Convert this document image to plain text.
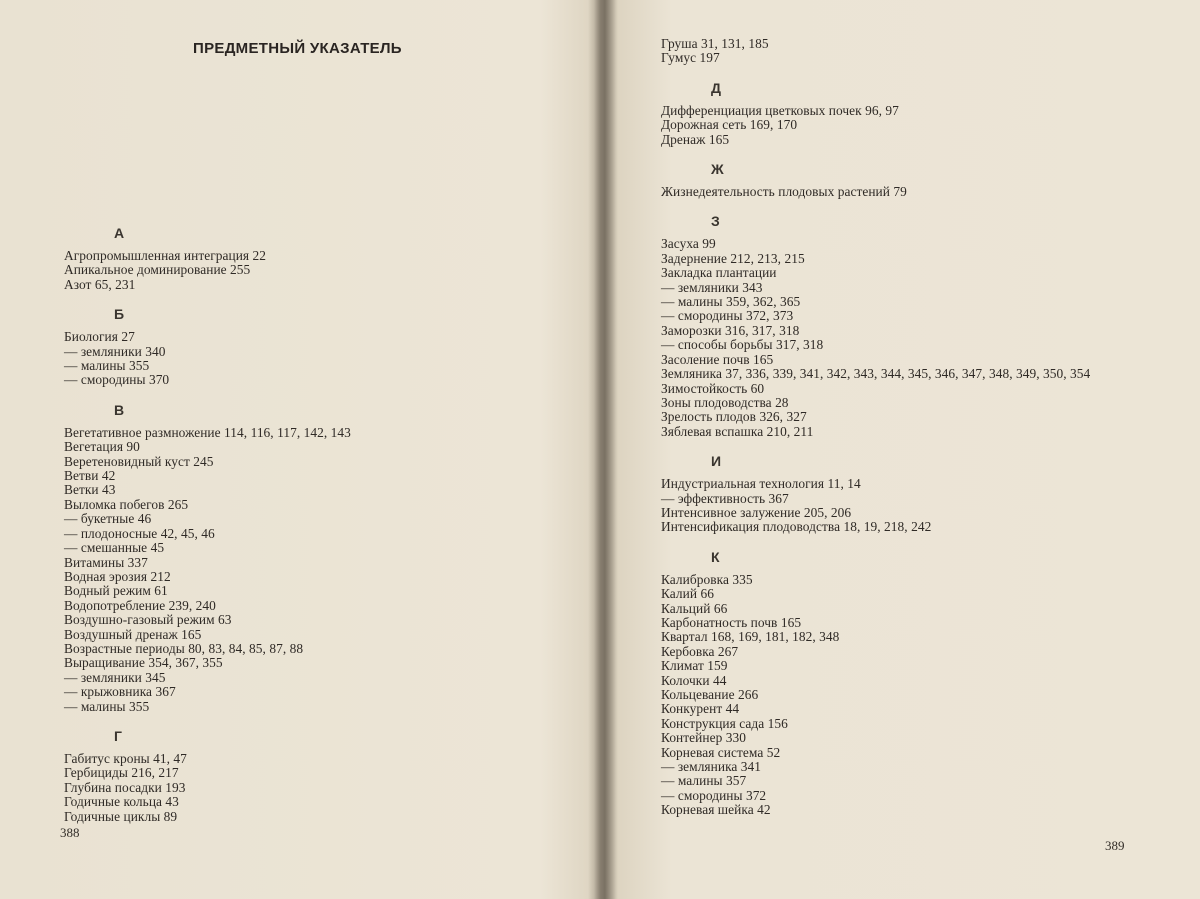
ПРЕДМЕТНЫЙ УКАЗАТЕЛЬ
А
Агропромышленная интеграция 22
Апикальное доминирование 255
Азот 65, 231
Б
Биология 27
— земляники 340
— малины 355
— смородины 370
В
Вегетативное размножение 114, 116, 117, 142, 143
Вегетация 90
Веретеновидный куст 245
Ветви 42
Ветки 43
Выломка побегов 265
— букетные 46
— плодоносные 42, 45, 46
— смешанные 45
Витамины 337
Водная эрозия 212
Водный режим 61
Водопотребление 239, 240
Воздушно-газовый режим 63
Воздушный дренаж 165
Возрастные периоды 80, 83, 84, 85, 87, 88
Выращивание 354, 367, 355
— земляники 345
— крыжовника 367
— малины 355
Г
Габитус кроны 41, 47
Гербициды 216, 217
Глубина посадки 193
Годичные кольца 43
Годичные циклы 89
388
Груша 31, 131, 185
Гумус 197
Д
Дифференциация цветковых почек 96, 97
Дорожная сеть 169, 170
Дренаж 165
Ж
Жизнедеятельность плодовых растений 79
З
Засуха 99
Задернение 212, 213, 215
Закладка плантации
— земляники 343
— малины 359, 362, 365
— смородины 372, 373
Заморозки 316, 317, 318
— способы борьбы 317, 318
Засоление почв 165
Земляника 37, 336, 339, 341, 342, 343, 344, 345, 346, 347, 348, 349, 350, 354
Зимостойкость 60
Зоны плодоводства 28
Зрелость плодов 326, 327
Зяблевая вспашка 210, 211
И
Индустриальная технология 11, 14
— эффективность 367
Интенсивное залужение 205, 206
Интенсификация плодоводства 18, 19, 218, 242
К
Калибровка 335
Калий 66
Кальций 66
Карбонатность почв 165
Квартал 168, 169, 181, 182, 348
Кербовка 267
Климат 159
Колочки 44
Кольцевание 266
Конкурент 44
Конструкция сада 156
Контейнер 330
Корневая система 52
— земляника 341
— малины 357
— смородины 372
Корневая шейка 42
389
